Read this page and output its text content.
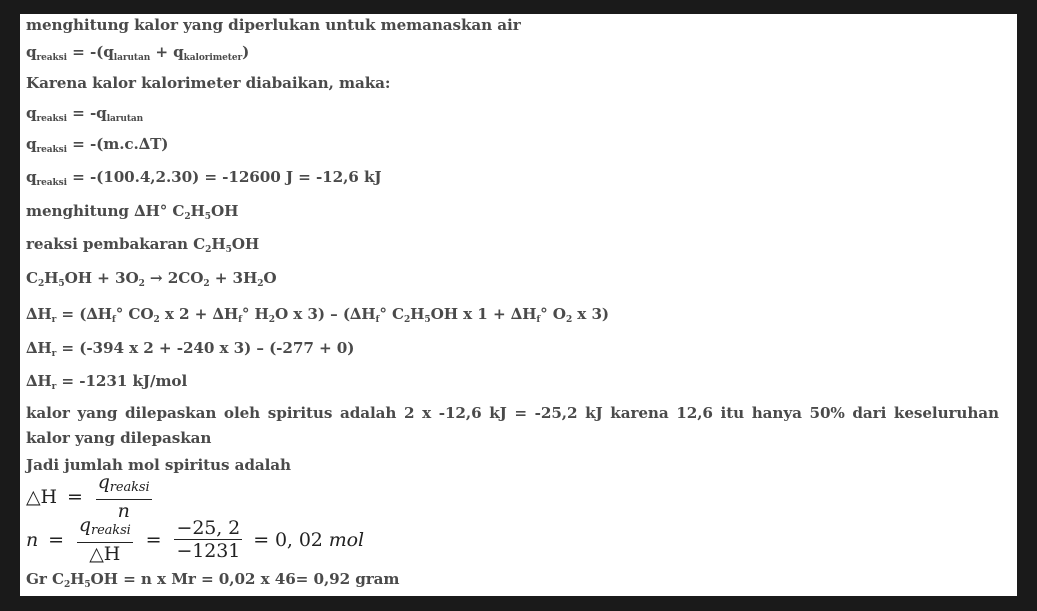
menghitung kalor yang diperlukan untuk memanaskan air
$q_{reaksi} = -(q_{larutan} + q_{kalorimeter})$
Karena kalor kalorimeter diabaikan, maka:
$q_{reaksi} = -q_{larutan}$
$q_{reaksi} = -(m.c.\Delta T)$
$q_{reaksi} = -(100.4,2.30) = -12600$ J = -12,6 kJ
menghitung ∆H° $C_2H_5OH$
reaksi pembakaran $C_2H_5OH$
$C_2H_5OH + 3O_2 \to 2CO_2 + 3H_2O$
$\Delta H_r = (\Delta H_f^\circ$ $CO_2$ x $2 + \Delta H_f^\circ$ $H_2O$ x $3) - (\Delta H_f^\circ$ $C_2H_5OH$ x $1 + \Delta H_f^\circ$ $O_2$ x 3)
$\Delta H_r = (-394$ x 2 + -240 x 3) – (-277 + 0)
$\Delta H_r = -1231$ kJ/mol
kalor yang dilepaskan oleh spiritus adalah 2 x -12,6 kJ = -25,2 kJ karena 12,6 itu hanya 50% dari keseluruhan kalor yang dilepaskan
Jadi jumlah mol spiritus adalah
△H = $\frac{\text{qreaksi}}{n}$
$n = \frac{\text{qreaksi}}{\triangle H} = \frac{-25, 2}{-1231} = 0$, 02 mol
Gr $C_2H_5OH = n$ x Mr = 0,02 x 46= 0,92 gram
